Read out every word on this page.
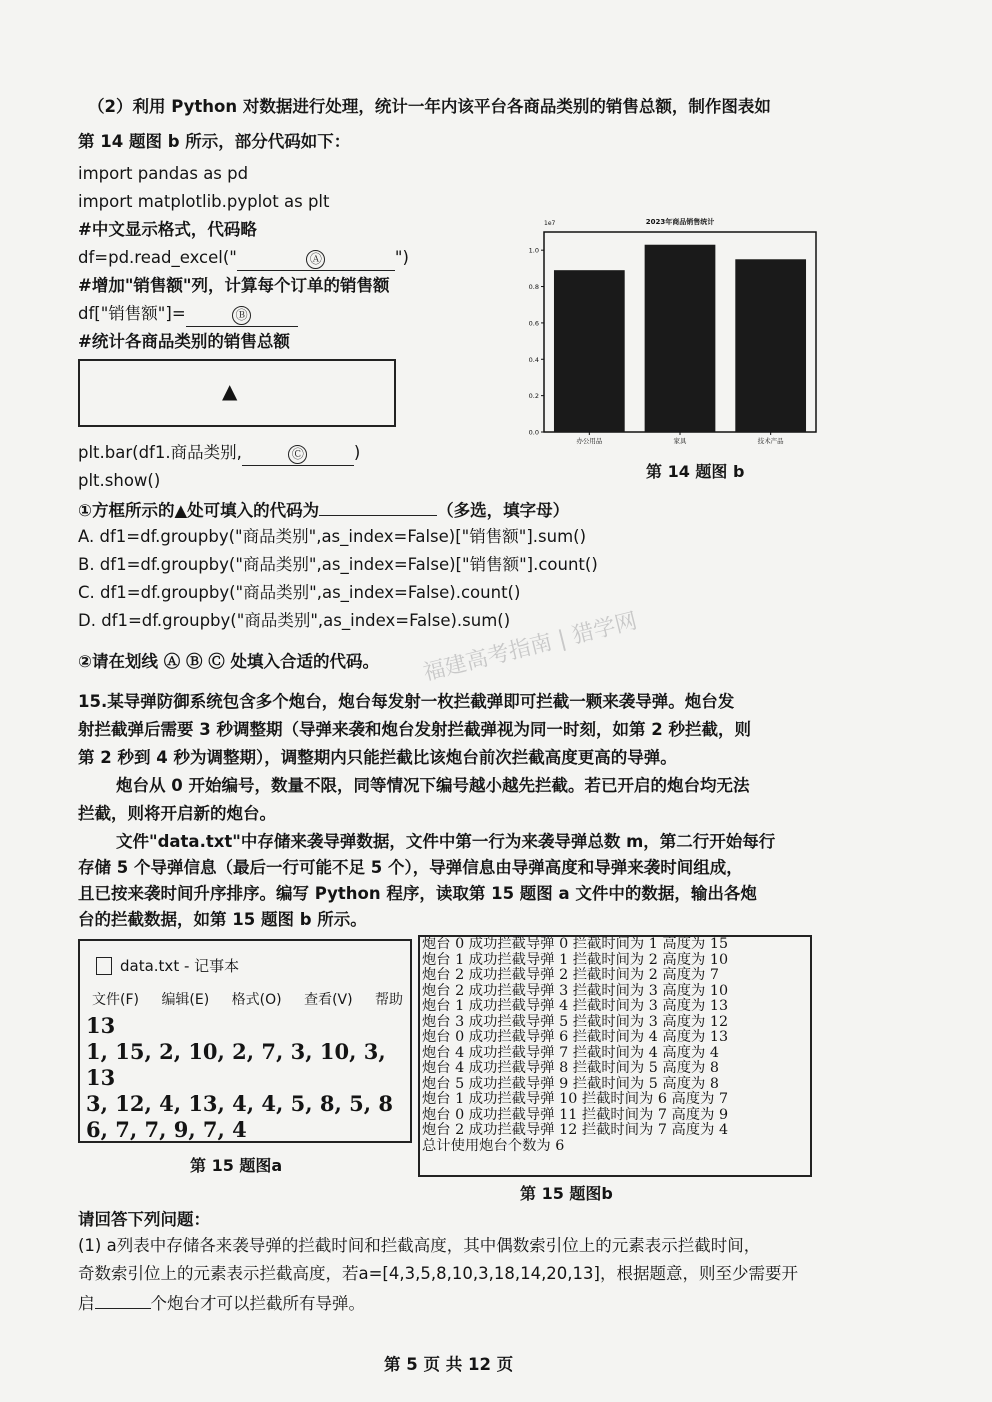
（2）利用 Python 对数据进行处理，统计一年内该平台各商品类别的销售总额，制作图表如
第 14 题图 b 所示，部分代码如下：
import pandas as pd
import matplotlib.pyplot as plt
#中文显示格式，代码略
df=pd.read_excel("	Ⓐ	")
#增加"销售额"列，计算每个订单的销售额
df["销售额"]=	Ⓑ
#统计各商品类别的销售总额
▲
plt.bar(df1.商品类别,	Ⓒ	)
plt.show()
2023年商品销售统计
1e7
0.0
0.2
0.4
0.6
0.8
1.0
办公用品	家具	技术产品
第 14 题图 b
①方框所示的▲处可填入的代码为	（多选，填字母）
A. df1=df.groupby("商品类别",as_index=False)["销售额"].sum()
B. df1=df.groupby("商品类别",as_index=False)["销售额"].count()
C. df1=df.groupby("商品类别",as_index=False).count()
D. df1=df.groupby("商品类别",as_index=False).sum()
②请在划线 Ⓐ Ⓑ Ⓒ 处填入合适的代码。 福建高考指南 | 猎学网
15.某导弹防御系统包含多个炮台，炮台每发射一枚拦截弹即可拦截一颗来袭导弹。炮台发
射拦截弹后需要 3 秒调整期（导弹来袭和炮台发射拦截弹视为同一时刻，如第 2 秒拦截，则
第 2 秒到 4 秒为调整期），调整期内只能拦截比该炮台前次拦截高度更高的导弹。
炮台从 0 开始编号，数量不限，同等情况下编号越小越先拦截。若已开启的炮台均无法
拦截，则将开启新的炮台。
文件"data.txt"中存储来袭导弹数据，文件中第一行为来袭导弹总数 m，第二行开始每行
存储 5 个导弹信息（最后一行可能不足 5 个），导弹信息由导弹高度和导弹来袭时间组成，
且已按来袭时间升序排序。编写 Python 程序，读取第 15 题图 a 文件中的数据，输出各炮
台的拦截数据，如第 15 题图 b 所示。
data.txt - 记事本
文件(F) 编辑(E) 格式(O) 查看(V) 帮助
13
1, 15, 2, 10, 2, 7, 3, 10, 3, 13
3, 12, 4, 13, 4, 4, 5, 8, 5, 8
6, 7, 7, 9, 7, 4
第 15 题图a
炮台 0 成功拦截导弹 0 拦截时间为 1 高度为 15
炮台 1 成功拦截导弹 1 拦截时间为 2 高度为 10
炮台 2 成功拦截导弹 2 拦截时间为 2 高度为 7
炮台 2 成功拦截导弹 3 拦截时间为 3 高度为 10
炮台 1 成功拦截导弹 4 拦截时间为 3 高度为 13
炮台 3 成功拦截导弹 5 拦截时间为 3 高度为 12
炮台 0 成功拦截导弹 6 拦截时间为 4 高度为 13
炮台 4 成功拦截导弹 7 拦截时间为 4 高度为 4
炮台 4 成功拦截导弹 8 拦截时间为 5 高度为 8
炮台 5 成功拦截导弹 9 拦截时间为 5 高度为 8
炮台 1 成功拦截导弹 10 拦截时间为 6 高度为 7
炮台 0 成功拦截导弹 11 拦截时间为 7 高度为 9
炮台 2 成功拦截导弹 12 拦截时间为 7 高度为 4
总计使用炮台个数为 6
第 15 题图b
请回答下列问题：
(1) a列表中存储各来袭导弹的拦截时间和拦截高度，其中偶数索引位上的元素表示拦截时间，
奇数索引位上的元素表示拦截高度，若a=[4,3,5,8,10,3,18,14,20,13]，根据题意，则至少需要开
启	个炮台才可以拦截所有导弹。
第 5 页 共 12 页
